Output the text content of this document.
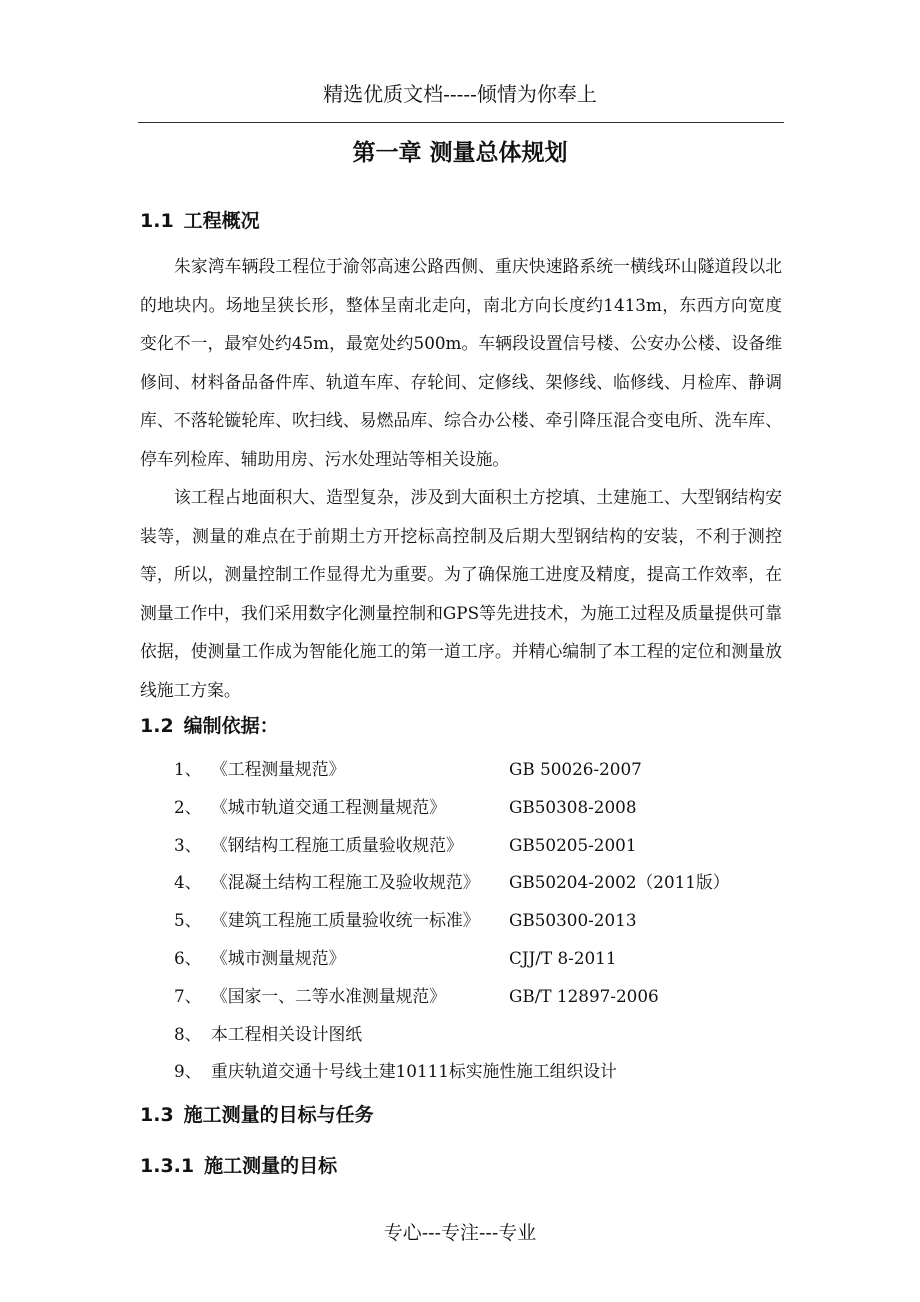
精选优质文档-----倾情为你奉上
第一章 测量总体规划
1.1 工程概况

朱家湾车辆段工程位于渝邻高速公路西侧、重庆快速路系统一横线环山隧道段以北的地块内。场地呈狭长形，整体呈南北走向，南北方向长度约1413m，东西方向宽度变化不一，最窄处约45m，最宽处约500m。车辆段设置信号楼、公安办公楼、设备维修间、材料备品备件库、轨道车库、存轮间、定修线、架修线、临修线、月检库、静调库、不落轮镟轮库、吹扫线、易燃品库、综合办公楼、牵引降压混合变电所、洗车库、停车列检库、辅助用房、污水处理站等相关设施。

该工程占地面积大、造型复杂，涉及到大面积土方挖填、土建施工、大型钢结构安装等，测量的难点在于前期土方开挖标高控制及后期大型钢结构的安装，不利于测控等，所以，测量控制工作显得尤为重要。为了确保施工进度及精度，提高工作效率，在测量工作中，我们采用数字化测量控制和GPS等先进技术，为施工过程及质量提供可靠依据，使测量工作成为智能化施工的第一道工序。并精心编制了本工程的定位和测量放线施工方案。

1.2 编制依据：
1、 《工程测量规范》	GB 50026-2007
2、 《城市轨道交通工程测量规范》	GB50308-2008
3、 《钢结构工程施工质量验收规范》	GB50205-2001
4、 《混凝土结构工程施工及验收规范》	GB50204-2002（2011版）
5、 《建筑工程施工质量验收统一标准》	GB50300-2013
6、 《城市测量规范》	CJJ/T 8-2011
7、 《国家一、二等水准测量规范》	GB/T 12897-2006
8、 本工程相关设计图纸
9、 重庆轨道交通十号线土建10111标实施性施工组织设计
1.3 施工测量的目标与任务
1.3.1 施工测量的目标
专心---专注---专业
